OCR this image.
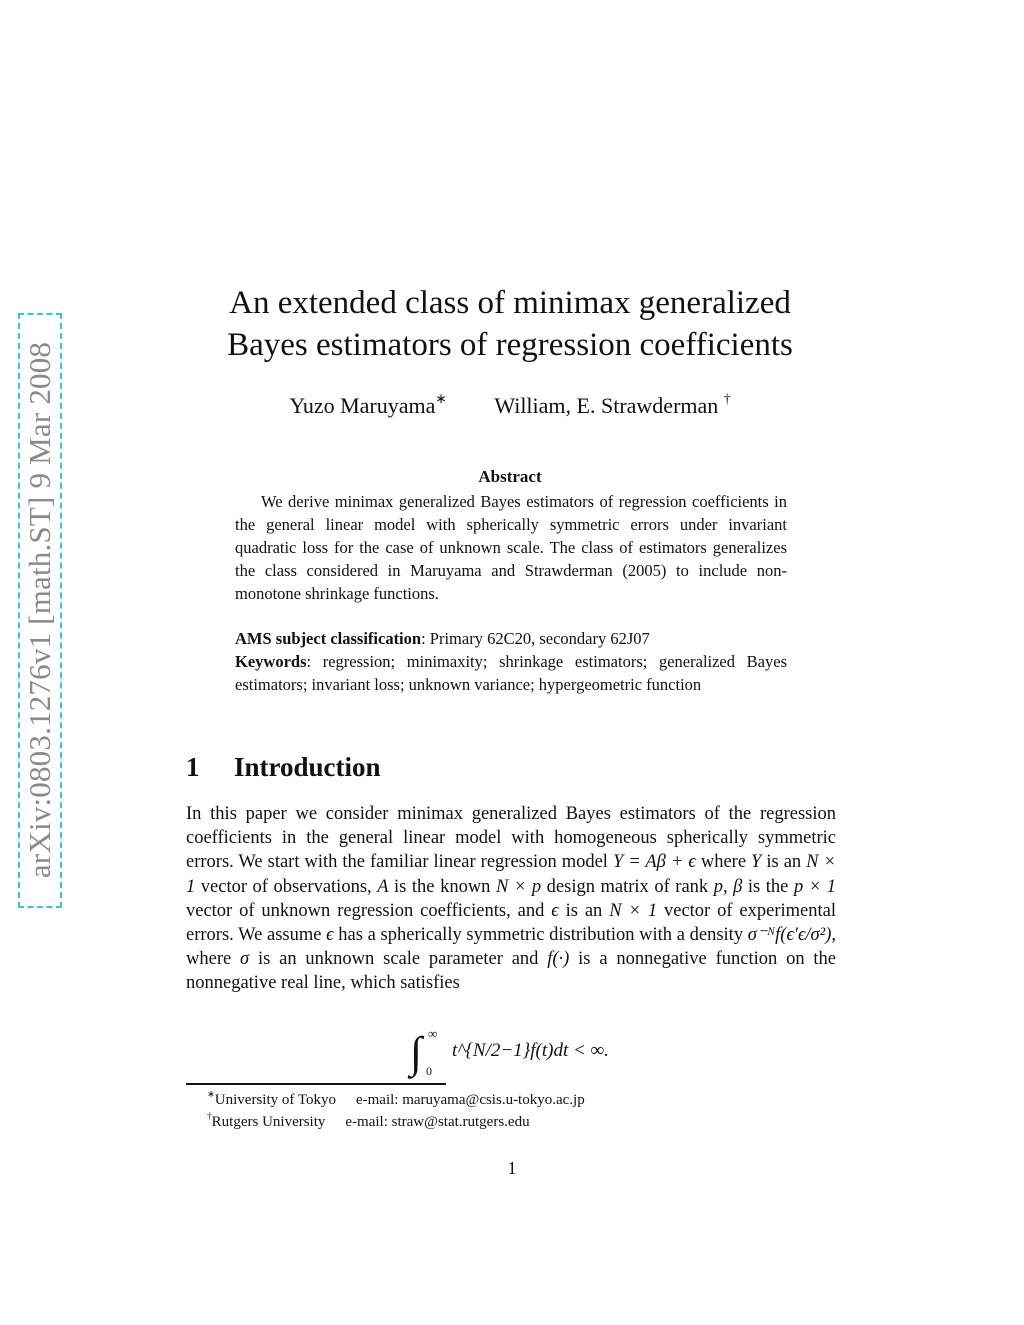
arXiv:0803.1276v1 [math.ST] 9 Mar 2008
An extended class of minimax generalized
Bayes estimators of regression coefficients
Yuzo Maruyama∗ William, E. Strawderman †
Abstract

We derive minimax generalized Bayes estimators of regression coefficients in the general linear model with spherically symmetric errors under invariant quadratic loss for the case of unknown scale. The class of estimators generalizes the class considered in Maruyama and Strawderman (2005) to include non-monotone shrinkage functions.

AMS subject classification: Primary 62C20, secondary 62J07

Keywords: regression; minimaxity; shrinkage estimators; generalized Bayes estimators; invariant loss; unknown variance; hypergeometric function

1 Introduction

In this paper we consider minimax generalized Bayes estimators of the regression coefficients in the general linear model with homogeneous spherically symmetric errors. We start with the familiar linear regression model Y = Aβ + ϵ where Y is an N × 1 vector of observations, A is the known N × p design matrix of rank p, β is the p × 1 vector of unknown regression coefficients, and ϵ is an N × 1 vector of experimental errors. We assume ϵ has a spherically symmetric distribution with a density σ⁻ᴺf(ϵ′ϵ/σ²), where σ is an unknown scale parameter and f(·) is a nonnegative function on the nonnegative real line, which satisfies

∫ ∞
0
t^{N/2−1}f(t)dt < ∞.
∗University of Tokyo e-mail: maruyama@csis.u-tokyo.ac.jp
†Rutgers University e-mail: straw@stat.rutgers.edu
1
